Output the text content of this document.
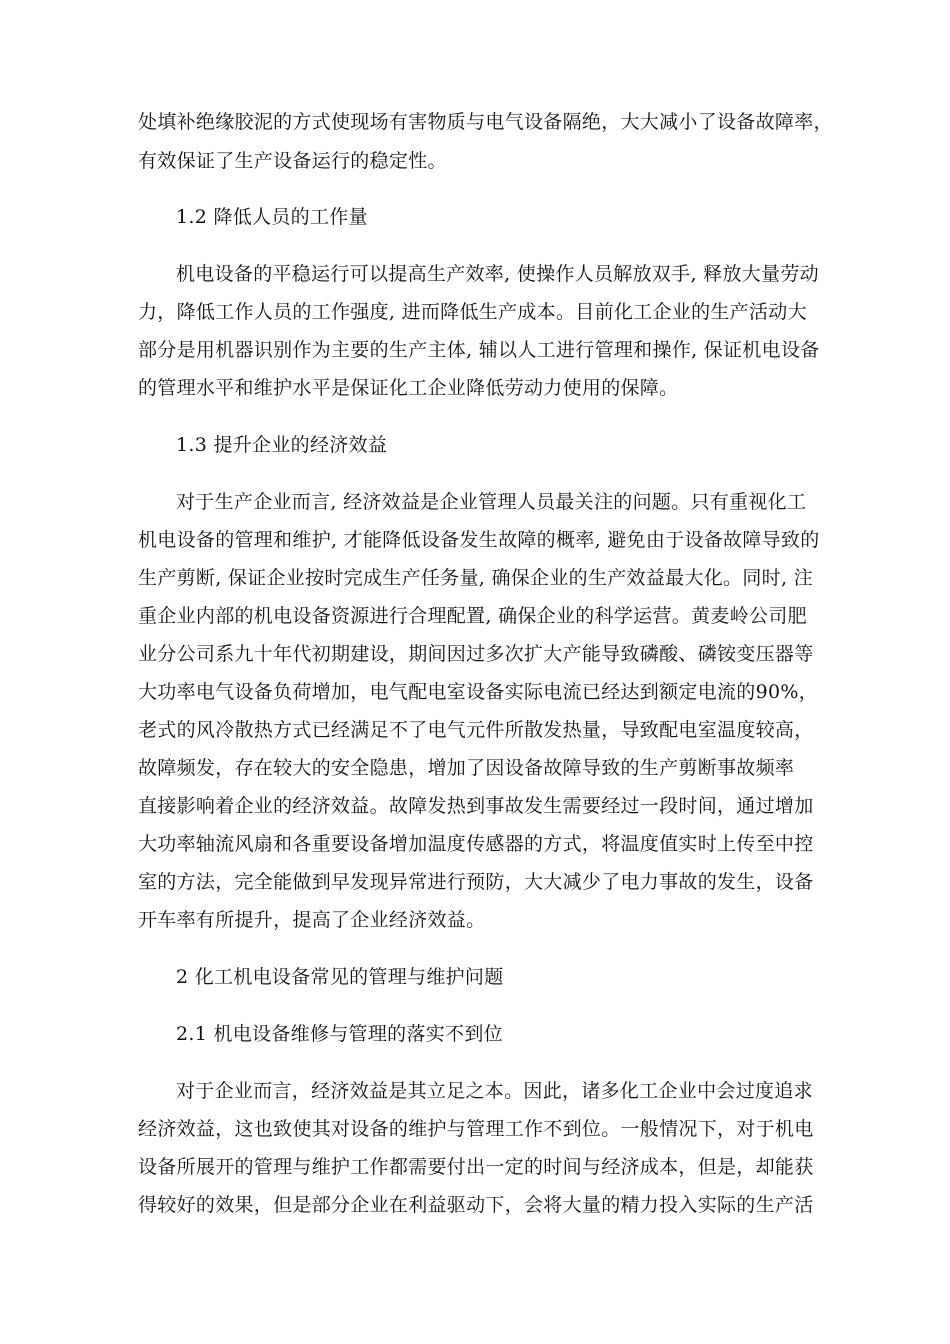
处填补绝缘胶泥的方式使现场有害物质与电气设备隔绝，大大减小了设备故障率，
有效保证了生产设备运行的稳定性。
1.2 降低人员的工作量
机电设备的平稳运行可以提高生产效率, 使操作人员解放双手, 释放大量劳动
力，降低工作人员的工作强度, 进而降低生产成本。目前化工企业的生产活动大
部分是用机器识别作为主要的生产主体, 辅以人工进行管理和操作, 保证机电设备
的管理水平和维护水平是保证化工企业降低劳动力使用的保障。
1.3 提升企业的经济效益
对于生产企业而言, 经济效益是企业管理人员最关注的问题。只有重视化工
机电设备的管理和维护, 才能降低设备发生故障的概率, 避免由于设备故障导致的
生产剪断, 保证企业按时完成生产任务量, 确保企业的生产效益最大化。同时, 注
重企业内部的机电设备资源进行合理配置, 确保企业的科学运营。黄麦岭公司肥
业分公司系九十年代初期建设，期间因过多次扩大产能导致磷酸、磷铵变压器等
大功率电气设备负荷增加，电气配电室设备实际电流已经达到额定电流的90%，
老式的风冷散热方式已经满足不了电气元件所散发热量，导致配电室温度较高，
故障频发，存在较大的安全隐患，增加了因设备故障导致的生产剪断事故频率
直接影响着企业的经济效益。故障发热到事故发生需要经过一段时间，通过增加
大功率轴流风扇和各重要设备增加温度传感器的方式，将温度值实时上传至中控
室的方法，完全能做到早发现异常进行预防，大大减少了电力事故的发生，设备
开车率有所提升，提高了企业经济效益。
2 化工机电设备常见的管理与维护问题
2.1 机电设备维修与管理的落实不到位
对于企业而言，经济效益是其立足之本。因此，诸多化工企业中会过度追求
经济效益，这也致使其对设备的维护与管理工作不到位。一般情况下，对于机电
设备所展开的管理与维护工作都需要付出一定的时间与经济成本，但是，却能获
得较好的效果，但是部分企业在利益驱动下，会将大量的精力投入实际的生产活
